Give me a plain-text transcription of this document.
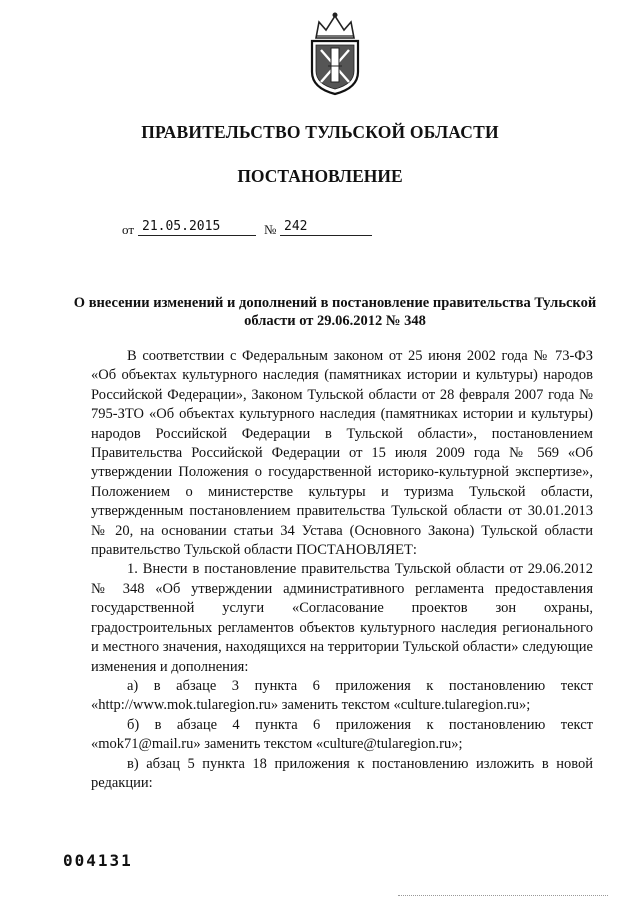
ПРАВИТЕЛЬСТВО ТУЛЬСКОЙ ОБЛАСТИ
ПОСТАНОВЛЕНИЕ
от 21.05.2015	№ 242
О внесении изменений и дополнений в постановление правительства Тульской области от 29.06.2012 № 348

В соответствии с Федеральным законом от 25 июня 2002 года № 73-ФЗ «Об объектах культурного наследия (памятниках истории и культуры) народов Российской Федерации», Законом Тульской области от 28 февраля 2007 года № 795-ЗТО «Об объектах культурного наследия (памятниках истории и культуры) народов Российской Федерации в Тульской области», постановлением Правительства Российской Федерации от 15 июля 2009 года № 569 «Об утверждении Положения о государственной историко-культурной экспертизе», Положением о министерстве культуры и туризма Тульской области, утвержденным постановлением правительства Тульской области от 30.01.2013 № 20, на основании статьи 34 Устава (Основного Закона) Тульской области правительство Тульской области ПОСТАНОВЛЯЕТ:

1. Внести в постановление правительства Тульской области от 29.06.2012 № 348 «Об утверждении административного регламента предоставления государственной услуги «Согласование проектов зон охраны, градостроительных регламентов объектов культурного наследия регионального и местного значения, находящихся на территории Тульской области» следующие изменения и дополнения:

а) в абзаце 3 пункта 6 приложения к постановлению текст «http://www.mok.tularegion.ru» заменить текстом «culture.tularegion.ru»;

б) в абзаце 4 пункта 6 приложения к постановлению текст «mok71@mail.ru» заменить текстом «culture@tularegion.ru»;

в) абзац 5 пункта 18 приложения к постановлению изложить в новой редакции:

004131
